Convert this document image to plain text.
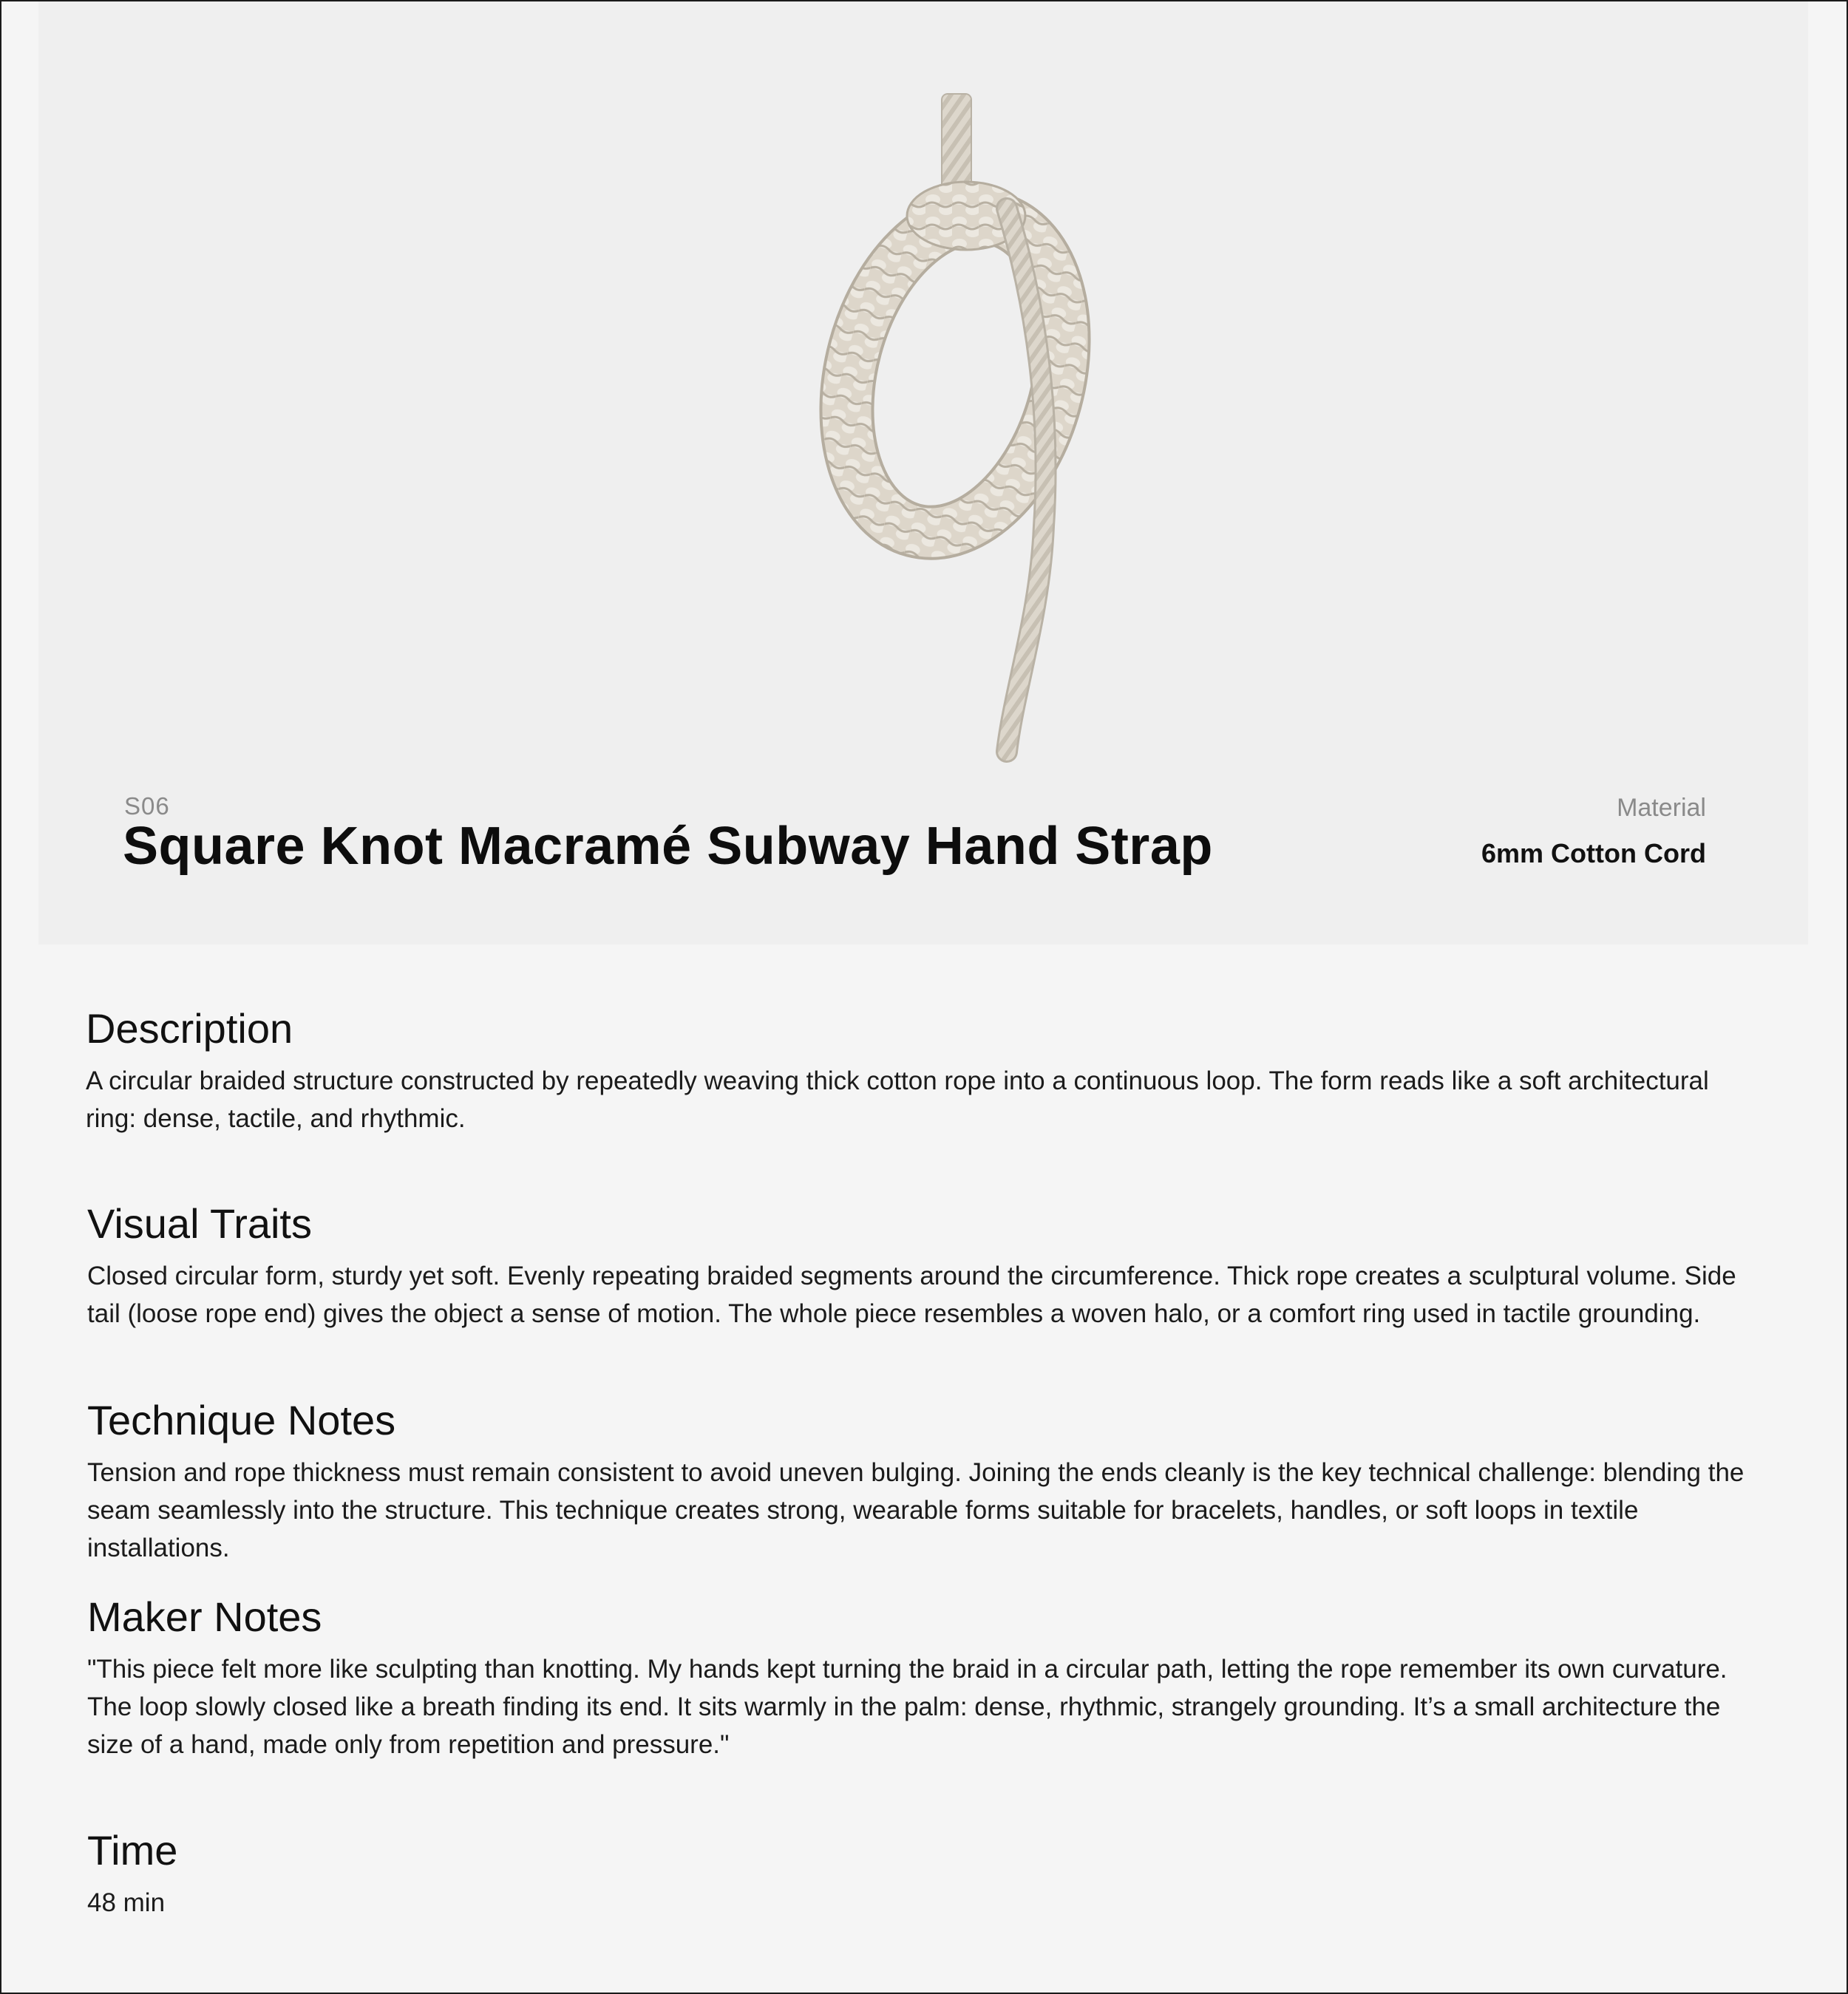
S06
Square Knot Macramé Subway Hand Strap
Material
6mm Cotton Cord
Description

A circular braided structure constructed by repeatedly weaving thick cotton rope into a continuous loop. The form reads like a soft architectural ring: dense, tactile, and rhythmic.

Visual Traits

Closed circular form, sturdy yet soft. Evenly repeating braided segments around the circumference. Thick rope creates a sculptural volume. Side tail (loose rope end) gives the object a sense of motion. The whole piece resembles a woven halo, or a comfort ring used in tactile grounding.

Technique Notes

Tension and rope thickness must remain consistent to avoid uneven bulging. Joining the ends cleanly is the key technical challenge: blending the seam seamlessly into the structure. This technique creates strong, wearable forms suitable for bracelets, handles, or soft loops in textile installations.

Maker Notes

"This piece felt more like sculpting than knotting. My hands kept turning the braid in a circular path, letting the rope remember its own curvature. The loop slowly closed like a breath finding its end. It sits warmly in the palm: dense, rhythmic, strangely grounding. It’s a small architecture the size of a hand, made only from repetition and pressure."

Time

48 min
